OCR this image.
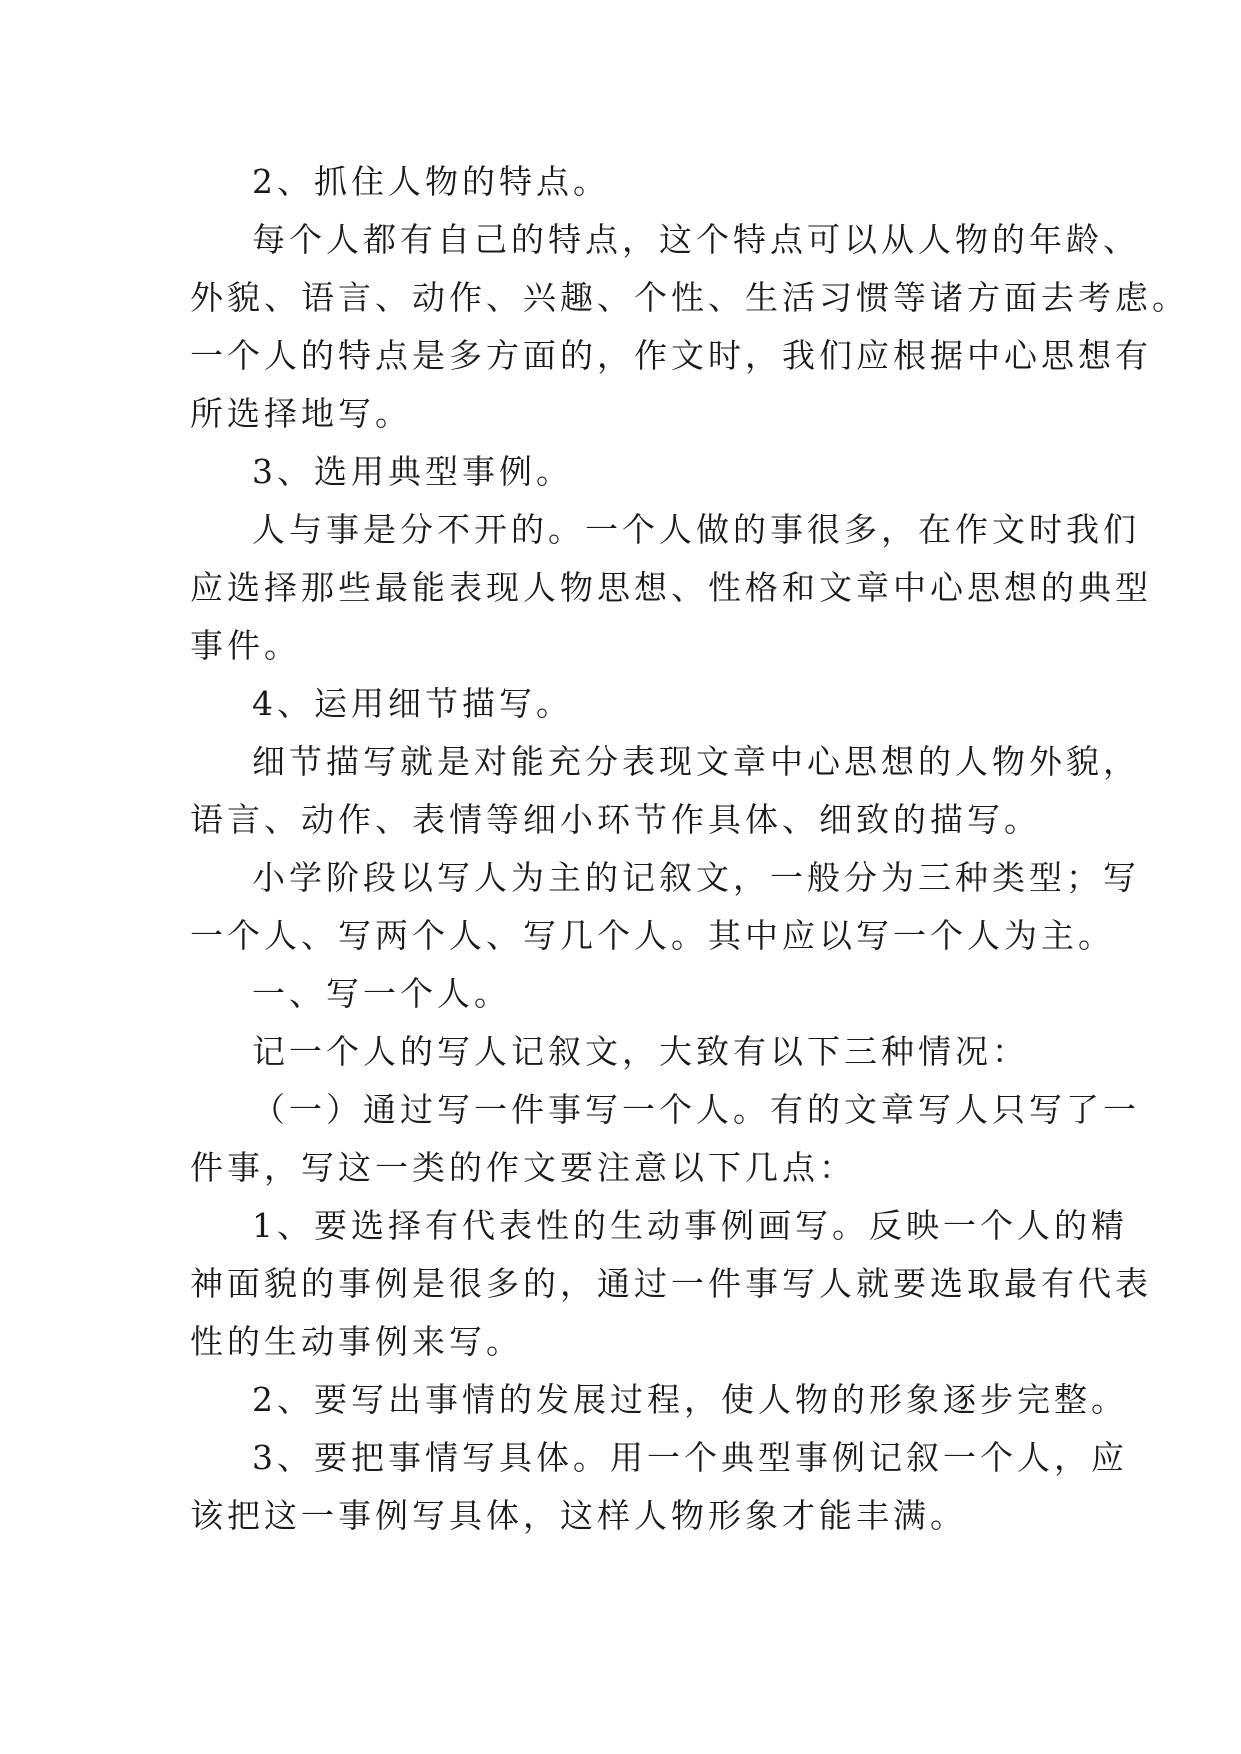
2、抓住人物的特点。
每个人都有自己的特点，这个特点可以从人物的年龄、
外貌、语言、动作、兴趣、个性、生活习惯等诸方面去考虑。
一个人的特点是多方面的，作文时，我们应根据中心思想有
所选择地写。
3、选用典型事例。
人与事是分不开的。一个人做的事很多，在作文时我们
应选择那些最能表现人物思想、性格和文章中心思想的典型
事件。
4、运用细节描写。
细节描写就是对能充分表现文章中心思想的人物外貌，
语言、动作、表情等细小环节作具体、细致的描写。
小学阶段以写人为主的记叙文，一般分为三种类型；写
一个人、写两个人、写几个人。其中应以写一个人为主。
一、写一个人。
记一个人的写人记叙文，大致有以下三种情况：
（一）通过写一件事写一个人。有的文章写人只写了一
件事，写这一类的作文要注意以下几点：
1、要选择有代表性的生动事例画写。反映一个人的精
神面貌的事例是很多的，通过一件事写人就要选取最有代表
性的生动事例来写。
2、要写出事情的发展过程，使人物的形象逐步完整。
3、要把事情写具体。用一个典型事例记叙一个人，应
该把这一事例写具体，这样人物形象才能丰满。
